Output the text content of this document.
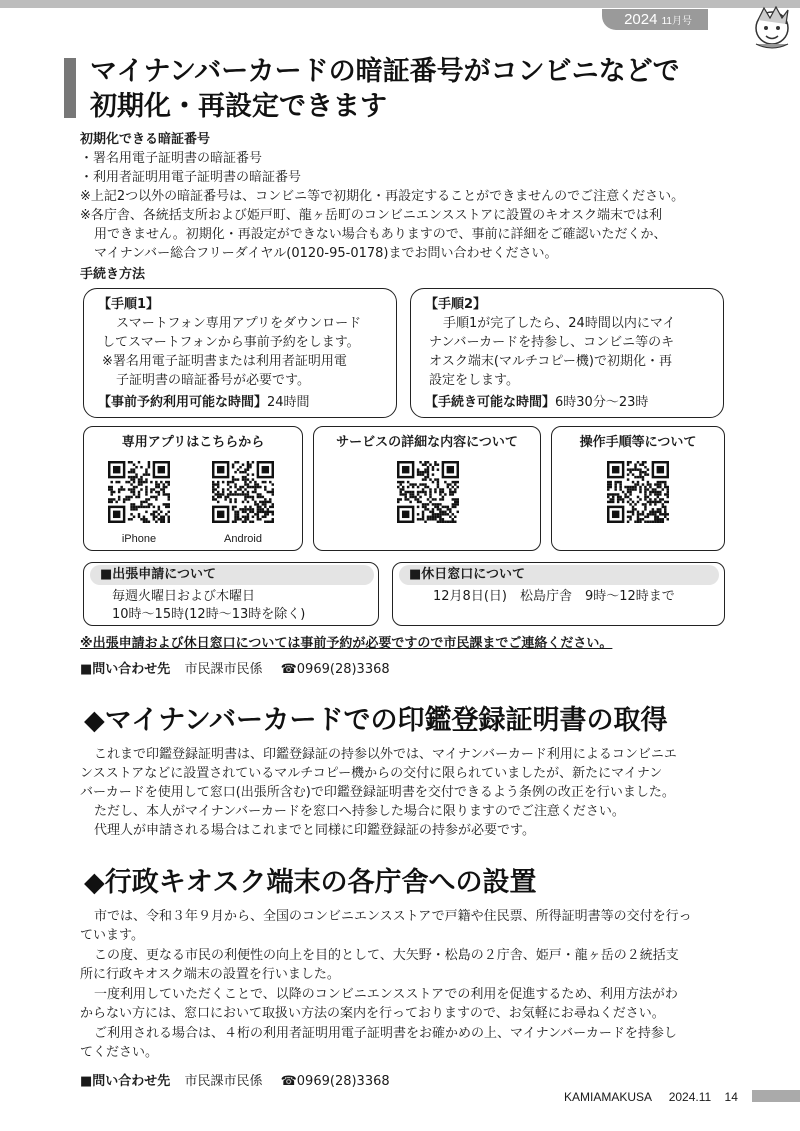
2024 11月号
マイナンバーカードの暗証番号がコンビニなどで
初期化・再設定できます
初期化できる暗証番号
・署名用電子証明書の暗証番号
・利用者証明用電子証明書の暗証番号
※上記2つ以外の暗証番号は、コンビニ等で初期化・再設定することができませんのでご注意ください。
※各庁舎、各統括支所および姫戸町、龍ヶ岳町のコンビニエンスストアに設置のキオスク端末では利
用できません。初期化・再設定ができない場合もありますので、事前に詳細をご確認いただくか、
マイナンバー総合フリーダイヤル(0120-95-0178)までお問い合わせください。
手続き方法
【手順1】
スマートフォン専用アプリをダウンロード
してスマートフォンから事前予約をします。
※署名用電子証明書または利用者証明用電
子証明書の暗証番号が必要です。
【事前予約利用可能な時間】24時間
【手順2】
手順1が完了したら、24時間以内にマイ
ナンバーカードを持参し、コンビニ等のキ
オスク端末(マルチコピー機)で初期化・再
設定をします。
【手続き可能な時間】6時30分～23時
専用アプリはこちらから
iPhone	Android
サービスの詳細な内容について	操作手順等について
■出張申請について
毎週火曜日および木曜日
10時～15時(12時～13時を除く)
■休日窓口について
12月8日(日)　松島庁舎　9時～12時まで
※出張申請および休日窓口については事前予約が必要ですので市民課までご連絡ください。
■問い合わせ先 市民課市民係 ☎0969(28)3368
◆マイナンバーカードでの印鑑登録証明書の取得
これまで印鑑登録証明書は、印鑑登録証の持参以外では、マイナンバーカード利用によるコンビニエ
ンスストアなどに設置されているマルチコピー機からの交付に限られていましたが、新たにマイナン
バーカードを使用して窓口(出張所含む)で印鑑登録証明書を交付できるよう条例の改正を行いました。
ただし、本人がマイナンバーカードを窓口へ持参した場合に限りますのでご注意ください。
代理人が申請される場合はこれまでと同様に印鑑登録証の持参が必要です。
◆行政キオスク端末の各庁舎への設置
市では、令和３年９月から、全国のコンビニエンスストアで戸籍や住民票、所得証明書等の交付を行っ
ています。
この度、更なる市民の利便性の向上を目的として、大矢野・松島の２庁舎、姫戸・龍ヶ岳の２統括支
所に行政キオスク端末の設置を行いました。
一度利用していただくことで、以降のコンビニエンスストアでの利用を促進するため、利用方法がわ
からない方には、窓口において取扱い方法の案内を行っておりますので、お気軽にお尋ねください。
ご利用される場合は、４桁の利用者証明用電子証明書をお確かめの上、マイナンバーカードを持参し
てください。
■問い合わせ先 市民課市民係 ☎0969(28)3368
KAMIAMAKUSA 2024.11 14
